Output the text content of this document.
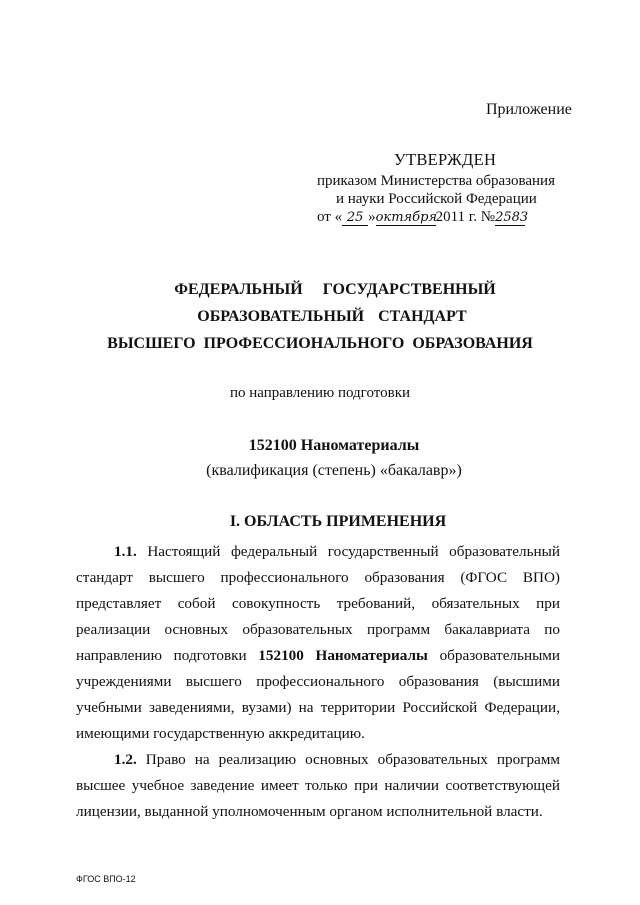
Приложение
УТВЕРЖДЕН
приказом Министерства образования
и науки Российской Федерации
от « 25 »октября2011 г. №2583
ФЕДЕРАЛЬНЫЙ ГОСУДАРСТВЕННЫЙ
ОБРАЗОВАТЕЛЬНЫЙ СТАНДАРТ
ВЫСШЕГО ПРОФЕССИОНАЛЬНОГО ОБРАЗОВАНИЯ
по направлению подготовки
152100 Наноматериалы
(квалификация (степень) «бакалавр»)
I. ОБЛАСТЬ ПРИМЕНЕНИЯ
1.1. Настоящий федеральный государственный образовательный
стандарт высшего профессионального образования (ФГОС ВПО)
представляет собой совокупность требований, обязательных при
реализации основных образовательных программ бакалавриата по
направлению подготовки 152100 Наноматериалы образовательными
учреждениями высшего профессионального образования (высшими
учебными заведениями, вузами) на территории Российской Федерации,
имеющими государственную аккредитацию.
1.2. Право на реализацию основных образовательных программ
высшее учебное заведение имеет только при наличии соответствующей
лицензии, выданной уполномоченным органом исполнительной власти.
ФГОС ВПО-12
